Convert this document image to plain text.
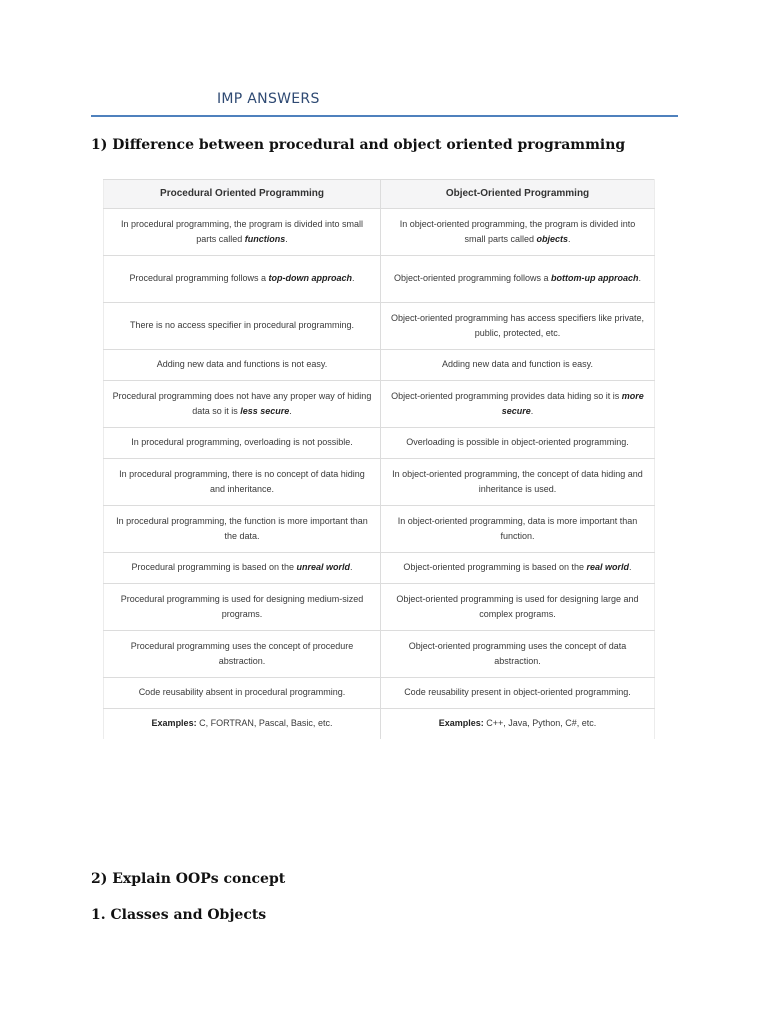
IMP ANSWERS
1) Difference between procedural and object oriented programming
Procedural Oriented Programming	Object-Oriented Programming
In procedural programming, the program is divided into small parts called functions.	In object-oriented programming, the program is divided into small parts called objects.
Procedural programming follows a top-down approach.	Object-oriented programming follows a bottom-up approach.
There is no access specifier in procedural programming.	Object-oriented programming has access specifiers like private, public, protected, etc.
Adding new data and functions is not easy.	Adding new data and function is easy.
Procedural programming does not have any proper way of hiding data so it is less secure.	Object-oriented programming provides data hiding so it is more secure.
In procedural programming, overloading is not possible.	Overloading is possible in object-oriented programming.
In procedural programming, there is no concept of data hiding and inheritance.	In object-oriented programming, the concept of data hiding and inheritance is used.
In procedural programming, the function is more important than the data.	In object-oriented programming, data is more important than function.
Procedural programming is based on the unreal world.	Object-oriented programming is based on the real world.
Procedural programming is used for designing medium-sized programs.	Object-oriented programming is used for designing large and complex programs.
Procedural programming uses the concept of procedure abstraction.	Object-oriented programming uses the concept of data abstraction.
Code reusability absent in procedural programming.	Code reusability present in object-oriented programming.
Examples: C, FORTRAN, Pascal, Basic, etc.	Examples: C++, Java, Python, C#, etc.
2) Explain OOPs concept
1. Classes and Objects
